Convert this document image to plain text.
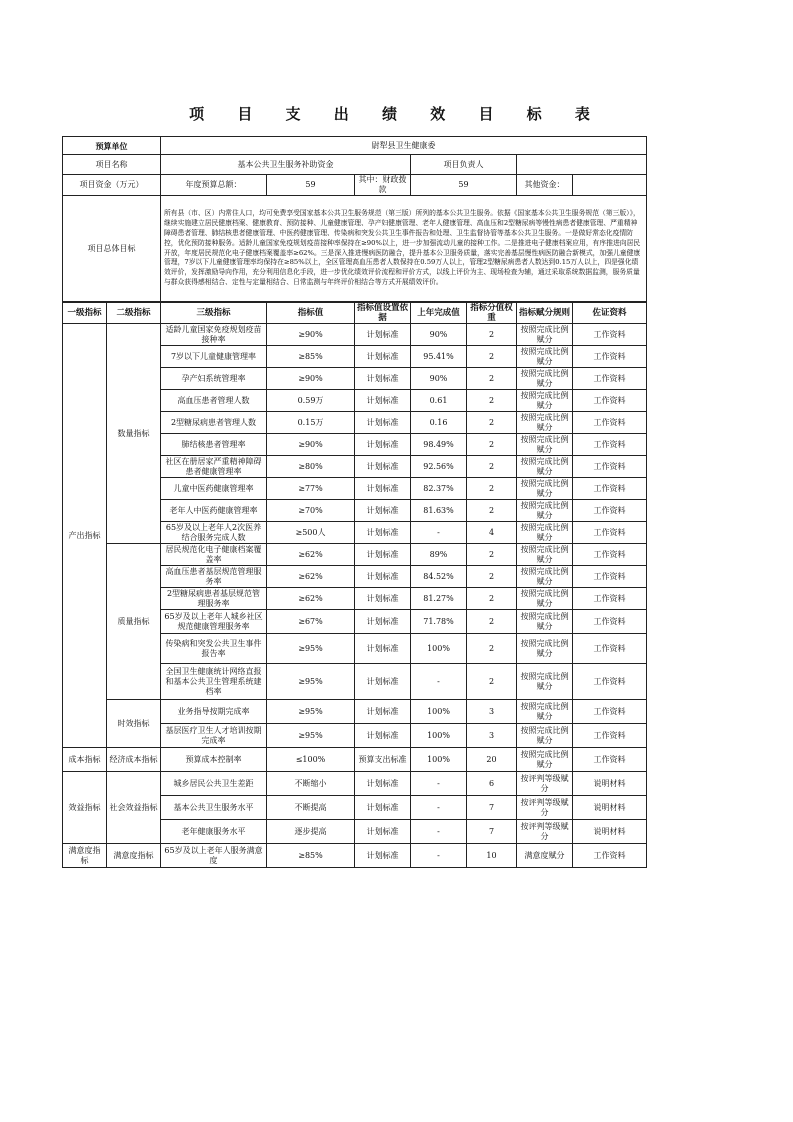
项 目 支 出 绩 效 目 标 表
预算单位	尉犁县卫生健康委					
项目名称	基本公共卫生服务补助资金			项目负责人		
项目资金（万元）	年度预算总额：	59	其中：财政拨款	59	其他资金：	
项目总体目标	所有县（市、区）内常住人口，均可免费享受国家基本公共卫生服务规范（第三版）所列的基本公共卫生服务。依据《国家基本公共卫生服务规范（第三版）》，继续实施建立居民健康档案、健康教育、预防接种、儿童健康管理、孕产妇健康管理、老年人健康管理、高血压和2型糖尿病等慢性病患者健康管理、严重精神障碍患者管理、肺结核患者健康管理、中医药健康管理、传染病和突发公共卫生事件报告和处理、卫生监督协管等基本公共卫生服务。一是做好常态化疫情防控，优化预防接种服务。适龄儿童国家免疫规划疫苗接种率保持在≥90%以上，进一步加强流动儿童的接种工作。二是推进电子健康档案应用，有序推进向居民开放，年度居民规范化电子健康档案覆盖率≥62%。三是深入推进慢病医防融合，提升基本公卫服务质量，落实完善基层慢性病医防融合新模式，加强儿童健康管理，7岁以下儿童健康管理率均保持在≥85%以上，全区管理高血压患者人数保持在0.59万人以上，管理2型糖尿病患者人数达到0.15万人以上，四是强化绩效评价，发挥激励导向作用，充分利用信息化手段，进一步优化绩效评价流程和评价方式，以线上评价为主、现场检查为辅，通过采取系统数据监测，服务质量与群众获得感相结合、定性与定量相结合、日常监测与年终评价相结合等方式开展绩效评价。					
一级指标	二级指标	三级指标	指标值	指标值设置依据	上年完成值	指标分值权重	指标赋分规则	佐证资料
产出指标	数量指标	适龄儿童国家免疫规划疫苗接种率	≥90%	计划标准	90%	2	按照完成比例赋分	工作资料
		7岁以下儿童健康管理率	≥85%	计划标准	95.41%	2	按照完成比例赋分	工作资料
		孕产妇系统管理率	≥90%	计划标准	90%	2	按照完成比例赋分	工作资料
		高血压患者管理人数	0.59万	计划标准	0.61	2	按照完成比例赋分	工作资料
		2型糖尿病患者管理人数	0.15万	计划标准	0.16	2	按照完成比例赋分	工作资料
		肺结核患者管理率	≥90%	计划标准	98.49%	2	按照完成比例赋分	工作资料
		社区在册居家严重精神障碍患者健康管理率	≥80%	计划标准	92.56%	2	按照完成比例赋分	工作资料
		儿童中医药健康管理率	≥77%	计划标准	82.37%	2	按照完成比例赋分	工作资料
		老年人中医药健康管理率	≥70%	计划标准	81.63%	2	按照完成比例赋分	工作资料
		65岁及以上老年人2次医养结合服务完成人数	≥500人	计划标准	-	4	按照完成比例赋分	工作资料
	质量指标	居民规范化电子健康档案覆盖率	≥62%	计划标准	89%	2	按照完成比例赋分	工作资料
		高血压患者基层规范管理服务率	≥62%	计划标准	84.52%	2	按照完成比例赋分	工作资料
		2型糖尿病患者基层规范管理服务率	≥62%	计划标准	81.27%	2	按照完成比例赋分	工作资料
		65岁及以上老年人城乡社区规范健康管理服务率	≥67%	计划标准	71.78%	2	按照完成比例赋分	工作资料
		传染病和突发公共卫生事件报告率	≥95%	计划标准	100%	2	按照完成比例赋分	工作资料
		全国卫生健康统计网络直报和基本公共卫生管理系统建档率	≥95%	计划标准	-	2	按照完成比例赋分	工作资料
	时效指标	业务指导按期完成率	≥95%	计划标准	100%	3	按照完成比例赋分	工作资料
		基层医疗卫生人才培训按期完成率	≥95%	计划标准	100%	3	按照完成比例赋分	工作资料
成本指标	经济成本指标	预算成本控制率	≤100%	预算支出标准	100%	20	按照完成比例赋分	工作资料
效益指标	社会效益指标	城乡居民公共卫生差距	不断缩小	计划标准	-	6	按评判等级赋分	说明材料
		基本公共卫生服务水平	不断提高	计划标准	-	7	按评判等级赋分	说明材料
		老年健康服务水平	逐步提高	计划标准	-	7	按评判等级赋分	说明材料
满意度指标	满意度指标	65岁及以上老年人服务满意度	≥85%	计划标准	-	10	满意度赋分	工作资料
